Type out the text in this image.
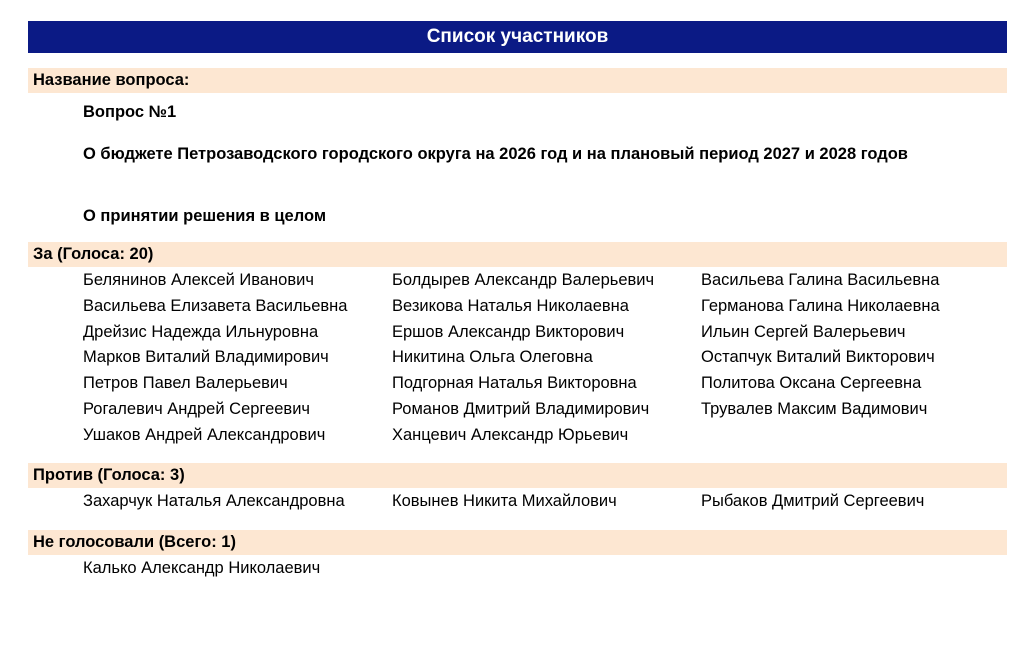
Список участников
Название вопроса:
Вопрос №1
О бюджете Петрозаводского городского округа на 2026 год и на плановый период 2027 и 2028 годов
О принятии решения в целом
За (Голоса: 20)
Белянинов Алексей Иванович	Болдырев Александр Валерьевич	Васильева Галина Васильевна
Васильева Елизавета Васильевна	Везикова Наталья Николаевна	Германова Галина Николаевна
Дрейзис Надежда Ильнуровна	Ершов Александр Викторович	Ильин Сергей Валерьевич
Марков Виталий Владимирович	Никитина Ольга Олеговна	Остапчук Виталий Викторович
Петров Павел Валерьевич	Подгорная Наталья Викторовна	Политова Оксана Сергеевна
Рогалевич Андрей Сергеевич	Романов Дмитрий Владимирович	Трувалев Максим Вадимович
Ушаков Андрей Александрович	Ханцевич Александр Юрьевич
Против (Голоса: 3)
Захарчук Наталья Александровна	Ковынев Никита Михайлович	Рыбаков Дмитрий Сергеевич
Не голосовали (Всего: 1)
Калько Александр Николаевич
